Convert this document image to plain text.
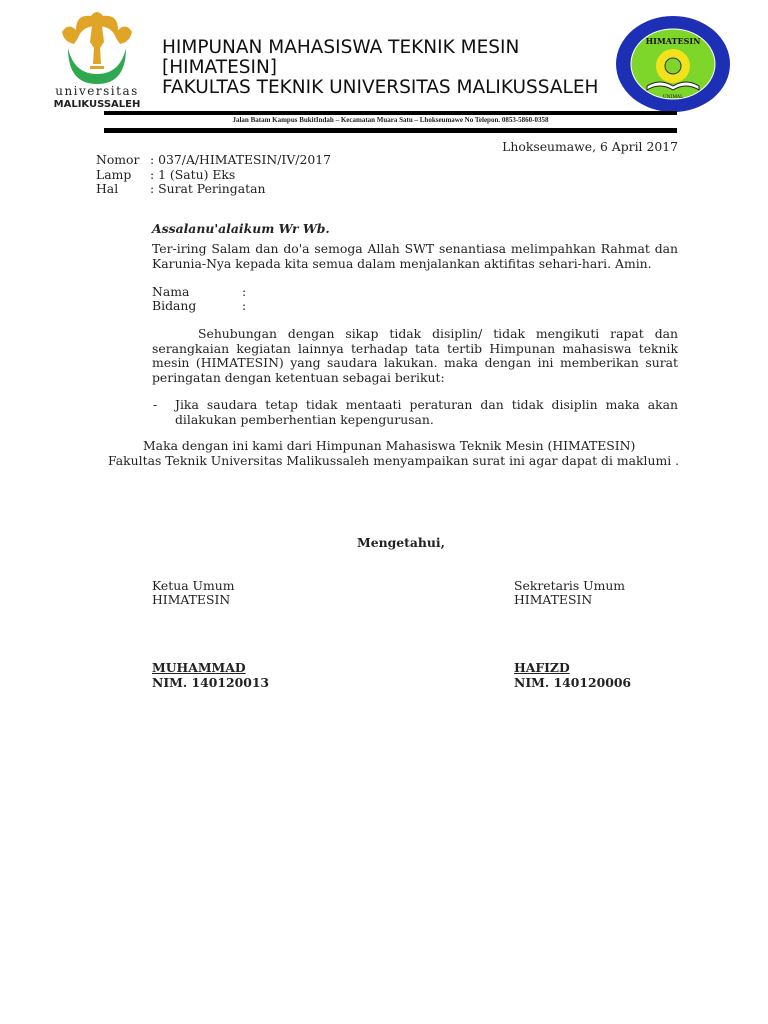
universitas
MALIKUSSALEH
HIMPUNAN MAHASISWA TEKNIK MESIN
[HIMATESIN]
FAKULTAS TEKNIK UNIVERSITAS MALIKUSSALEH
HIMATESIN
UNIMAL
Jalan Batam Kampus BukitIndah – Kecamatan Muara Satu – Lhokseumawe No Telepon. 0853-5860-0358
Lhokseumawe, 6 April 2017
Nomor : 037/A/HIMATESIN/IV/2017
Lamp : 1 (Satu) Eks
Hal	: Surat Peringatan
Assalanu'alaikum Wr Wb.
Ter-iring Salam dan do'a semoga Allah SWT senantiasa melimpahkan Rahmat dan Karunia-Nya kepada kita semua dalam menjalankan aktifitas sehari-hari. Amin.
Nama	:
Bidang	:
Sehubungan dengan sikap tidak disiplin/ tidak mengikuti rapat dan serangkaian kegiatan lainnya terhadap tata tertib Himpunan mahasiswa teknik mesin (HIMATESIN) yang saudara lakukan. maka dengan ini memberikan surat peringatan dengan ketentuan sebagai berikut:
- Jika saudara tetap tidak mentaati peraturan dan tidak disiplin maka akan dilakukan pemberhentian kepengurusan.
Maka dengan ini kami dari Himpunan Mahasiswa Teknik Mesin (HIMATESIN)
Fakultas Teknik Universitas Malikussaleh menyampaikan surat ini agar dapat di maklumi .
Mengetahui,
Ketua Umum
HIMATESIN
MUHAMMAD
NIM. 140120013
Sekretaris Umum
HIMATESIN
HAFIZD
NIM. 140120006
